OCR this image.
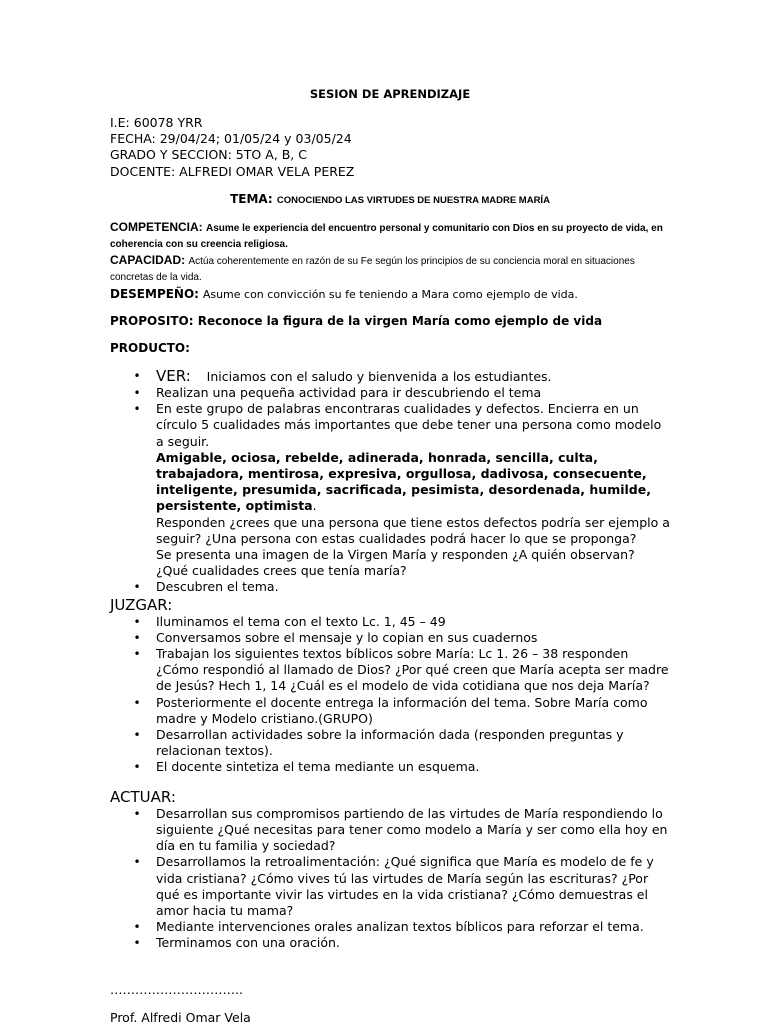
SESION DE APRENDIZAJE

I.E: 60078 YRR

FECHA: 29/04/24; 01/05/24 y 03/05/24

GRADO Y SECCION: 5TO A, B, C

DOCENTE: ALFREDI OMAR VELA PEREZ

TEMA: CONOCIENDO LAS VIRTUDES DE NUESTRA MADRE MARÍA

COMPETENCIA: Asume le experiencia del encuentro personal y comunitario con Dios en su proyecto de vida, en coherencia con su creencia religiosa.

CAPACIDAD: Actúa coherentemente en razón de su Fe según los principios de su conciencia moral en situaciones concretas de la vida.

DESEMPEÑO: Asume con convicción su fe teniendo a Mara como ejemplo de vida.

PROPOSITO: Reconoce la figura de la virgen María como ejemplo de vida

PRODUCTO:

• VER: Iniciamos con el saludo y bienvenida a los estudiantes.
• Realizan una pequeña actividad para ir descubriendo el tema
• En este grupo de palabras encontraras cualidades y defectos. Encierra en un círculo 5 cualidades más importantes que debe tener una persona como modelo a seguir.
Amigable, ociosa, rebelde, adinerada, honrada, sencilla, culta, trabajadora, mentirosa, expresiva, orgullosa, dadivosa, consecuente, inteligente, presumida, sacrificada, pesimista, desordenada, humilde, persistente, optimista.
Responden ¿crees que una persona que tiene estos defectos podría ser ejemplo a seguir? ¿Una persona con estas cualidades podrá hacer lo que se proponga?
Se presenta una imagen de la Virgen María y responden ¿A quién observan? ¿Qué cualidades crees que tenía maría?
• Descubren el tema.

JUZGAR:

• Iluminamos el tema con el texto Lc. 1, 45 – 49
• Conversamos sobre el mensaje y lo copian en sus cuadernos
• Trabajan los siguientes textos bíblicos sobre María: Lc 1. 26 – 38 responden ¿Cómo respondió al llamado de Dios? ¿Por qué creen que María acepta ser madre de Jesús? Hech 1, 14 ¿Cuál es el modelo de vida cotidiana que nos deja María?
• Posteriormente el docente entrega la información del tema. Sobre María como madre y Modelo cristiano.(GRUPO)
• Desarrollan actividades sobre la información dada (responden preguntas y relacionan textos).
• El docente sintetiza el tema mediante un esquema.

ACTUAR:

• Desarrollan sus compromisos partiendo de las virtudes de María respondiendo lo siguiente ¿Qué necesitas para tener como modelo a María y ser como ella hoy en día en tu familia y sociedad?
• Desarrollamos la retroalimentación: ¿Qué significa que María es modelo de fe y vida cristiana? ¿Cómo vives tú las virtudes de María según las escrituras? ¿Por qué es importante vivir las virtudes en la vida cristiana? ¿Cómo demuestras el amor hacia tu mama?
• Mediante intervenciones orales analizan textos bíblicos para reforzar el tema.
• Terminamos con una oración.

…………………………..

Prof. Alfredi Omar Vela
